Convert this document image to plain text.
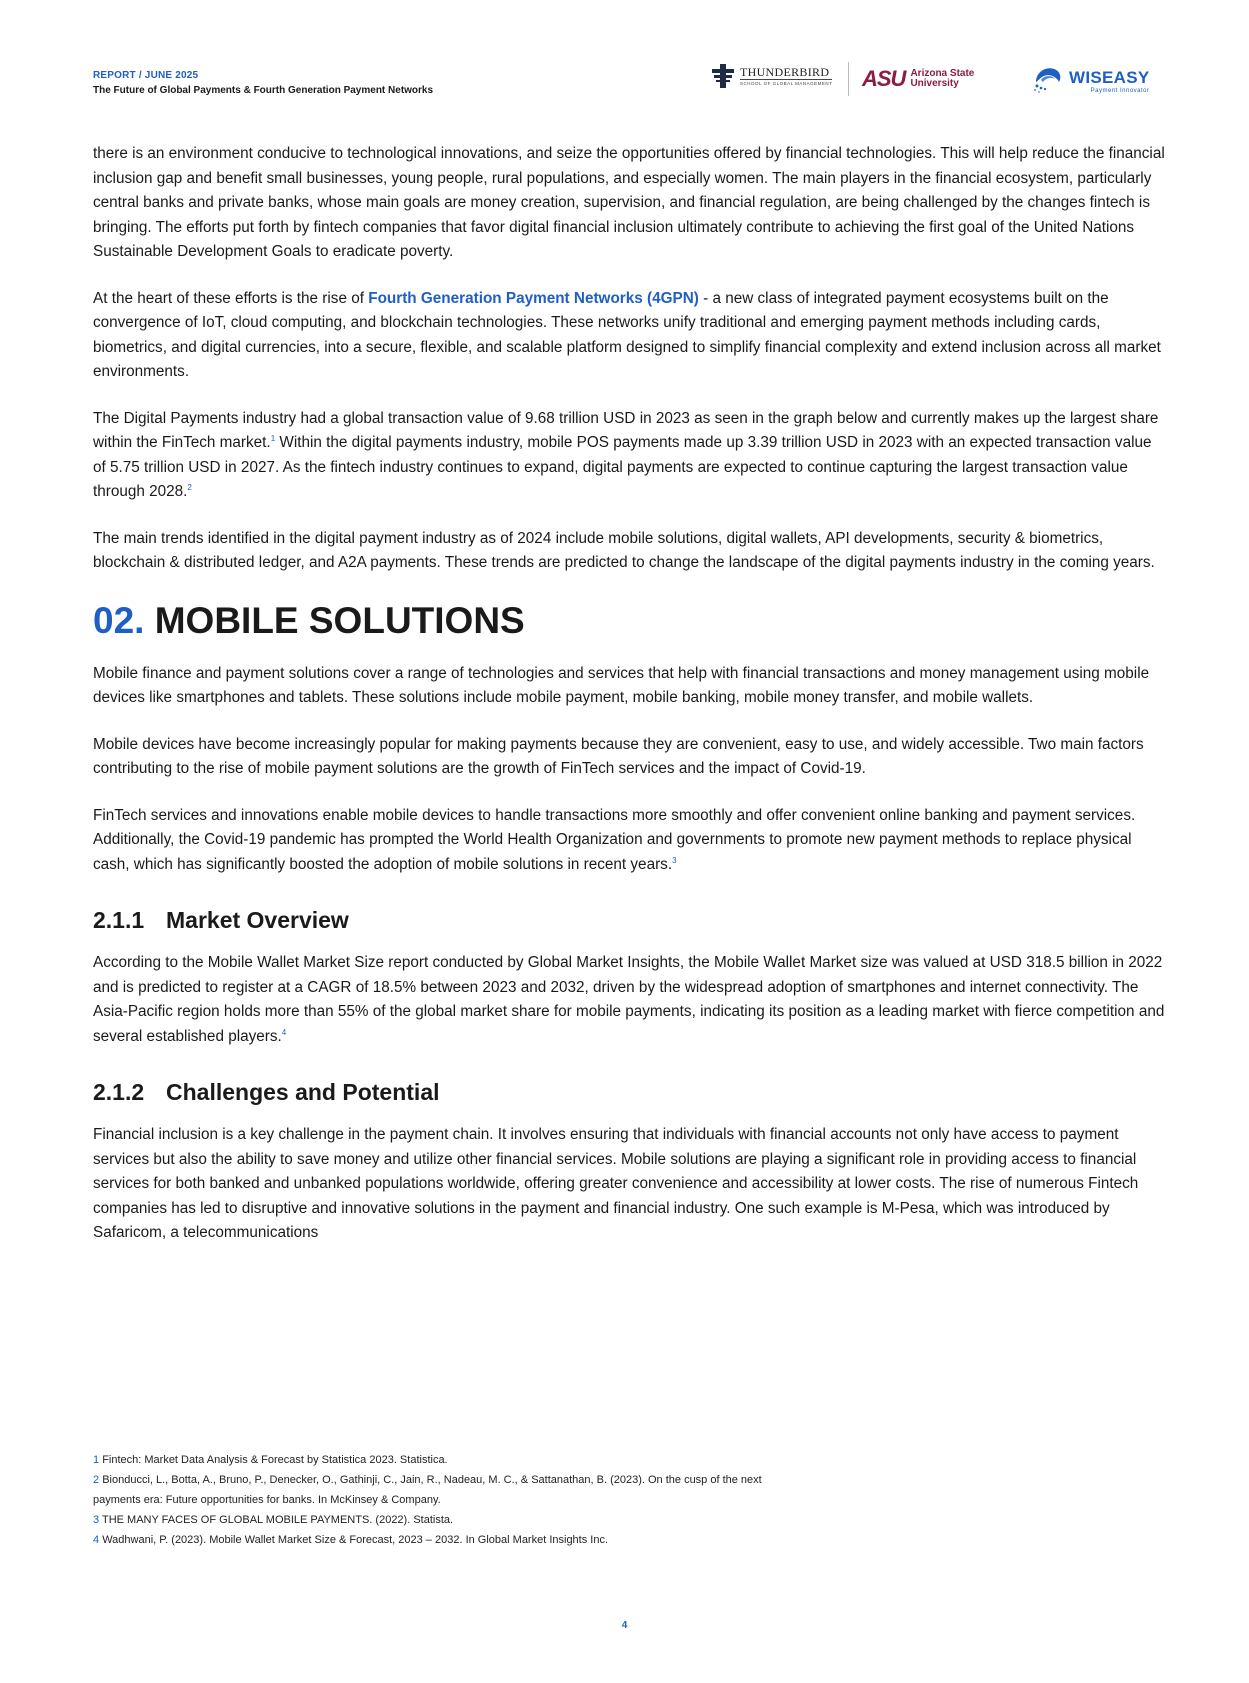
REPORT / JUNE 2025
The Future of Global Payments & Fourth Generation Payment Networks
THUNDERBIRD
SCHOOL OF GLOBAL MANAGEMENT ASU Arizona State
University	WISEASY
Payment Innovator

there is an environment conducive to technological innovations, and seize the opportunities offered by financial technologies. This will help reduce the financial inclusion gap and benefit small businesses, young people, rural populations, and especially women. The main players in the financial ecosystem, particularly central banks and private banks, whose main goals are money creation, supervision, and financial regulation, are being challenged by the changes fintech is bringing. The efforts put forth by fintech companies that favor digital financial inclusion ultimately contribute to achieving the first goal of the United Nations Sustainable Development Goals to eradicate poverty.

At the heart of these efforts is the rise of Fourth Generation Payment Networks (4GPN) - a new class of integrated payment ecosystems built on the convergence of IoT, cloud computing, and blockchain technologies. These networks unify traditional and emerging payment methods including cards, biometrics, and digital currencies, into a secure, flexible, and scalable platform designed to simplify financial complexity and extend inclusion across all market environments.

The Digital Payments industry had a global transaction value of 9.68 trillion USD in 2023 as seen in the graph below and currently makes up the largest share within the FinTech market.$^1$ Within the digital payments industry, mobile POS payments made up 3.39 trillion USD in 2023 with an expected transaction value of 5.75 trillion USD in 2027. As the fintech industry continues to expand, digital payments are expected to continue capturing the largest transaction value through 2028.$^2$

The main trends identified in the digital payment industry as of 2024 include mobile solutions, digital wallets, API developments, security & biometrics, blockchain & distributed ledger, and A2A payments. These trends are predicted to change the landscape of the digital payments industry in the coming years.

02. MOBILE SOLUTIONS

Mobile finance and payment solutions cover a range of technologies and services that help with financial transactions and money management using mobile devices like smartphones and tablets. These solutions include mobile payment, mobile banking, mobile money transfer, and mobile wallets.

Mobile devices have become increasingly popular for making payments because they are convenient, easy to use, and widely accessible. Two main factors contributing to the rise of mobile payment solutions are the growth of FinTech services and the impact of Covid-19.

FinTech services and innovations enable mobile devices to handle transactions more smoothly and offer convenient online banking and payment services. Additionally, the Covid-19 pandemic has prompted the World Health Organization and governments to promote new payment methods to replace physical cash, which has significantly boosted the adoption of mobile solutions in recent years.$^3$

2.1.1 Market Overview

According to the Mobile Wallet Market Size report conducted by Global Market Insights, the Mobile Wallet Market size was valued at USD 318.5 billion in 2022 and is predicted to register at a CAGR of 18.5% between 2023 and 2032, driven by the widespread adoption of smartphones and internet connectivity. The Asia-Pacific region holds more than 55% of the global market share for mobile payments, indicating its position as a leading market with fierce competition and several established players.$^4$

2.1.2 Challenges and Potential

Financial inclusion is a key challenge in the payment chain. It involves ensuring that individuals with financial accounts not only have access to payment services but also the ability to save money and utilize other financial services. Mobile solutions are playing a significant role in providing access to financial services for both banked and unbanked populations worldwide, offering greater convenience and accessibility at lower costs. The rise of numerous Fintech companies has led to disruptive and innovative solutions in the payment and financial industry. One such example is M-Pesa, which was introduced by Safaricom, a telecommunications

1 Fintech: Market Data Analysis & Forecast by Statistica 2023. Statistica.
2 Bionducci, L., Botta, A., Bruno, P., Denecker, O., Gathinji, C., Jain, R., Nadeau, M. C., & Sattanathan, B. (2023). On the cusp of the next
payments era: Future opportunities for banks. In McKinsey & Company.
3 THE MANY FACES OF GLOBAL MOBILE PAYMENTS. (2022). Statista.
4 Wadhwani, P. (2023). Mobile Wallet Market Size & Forecast, 2023 – 2032. In Global Market Insights Inc.
4
